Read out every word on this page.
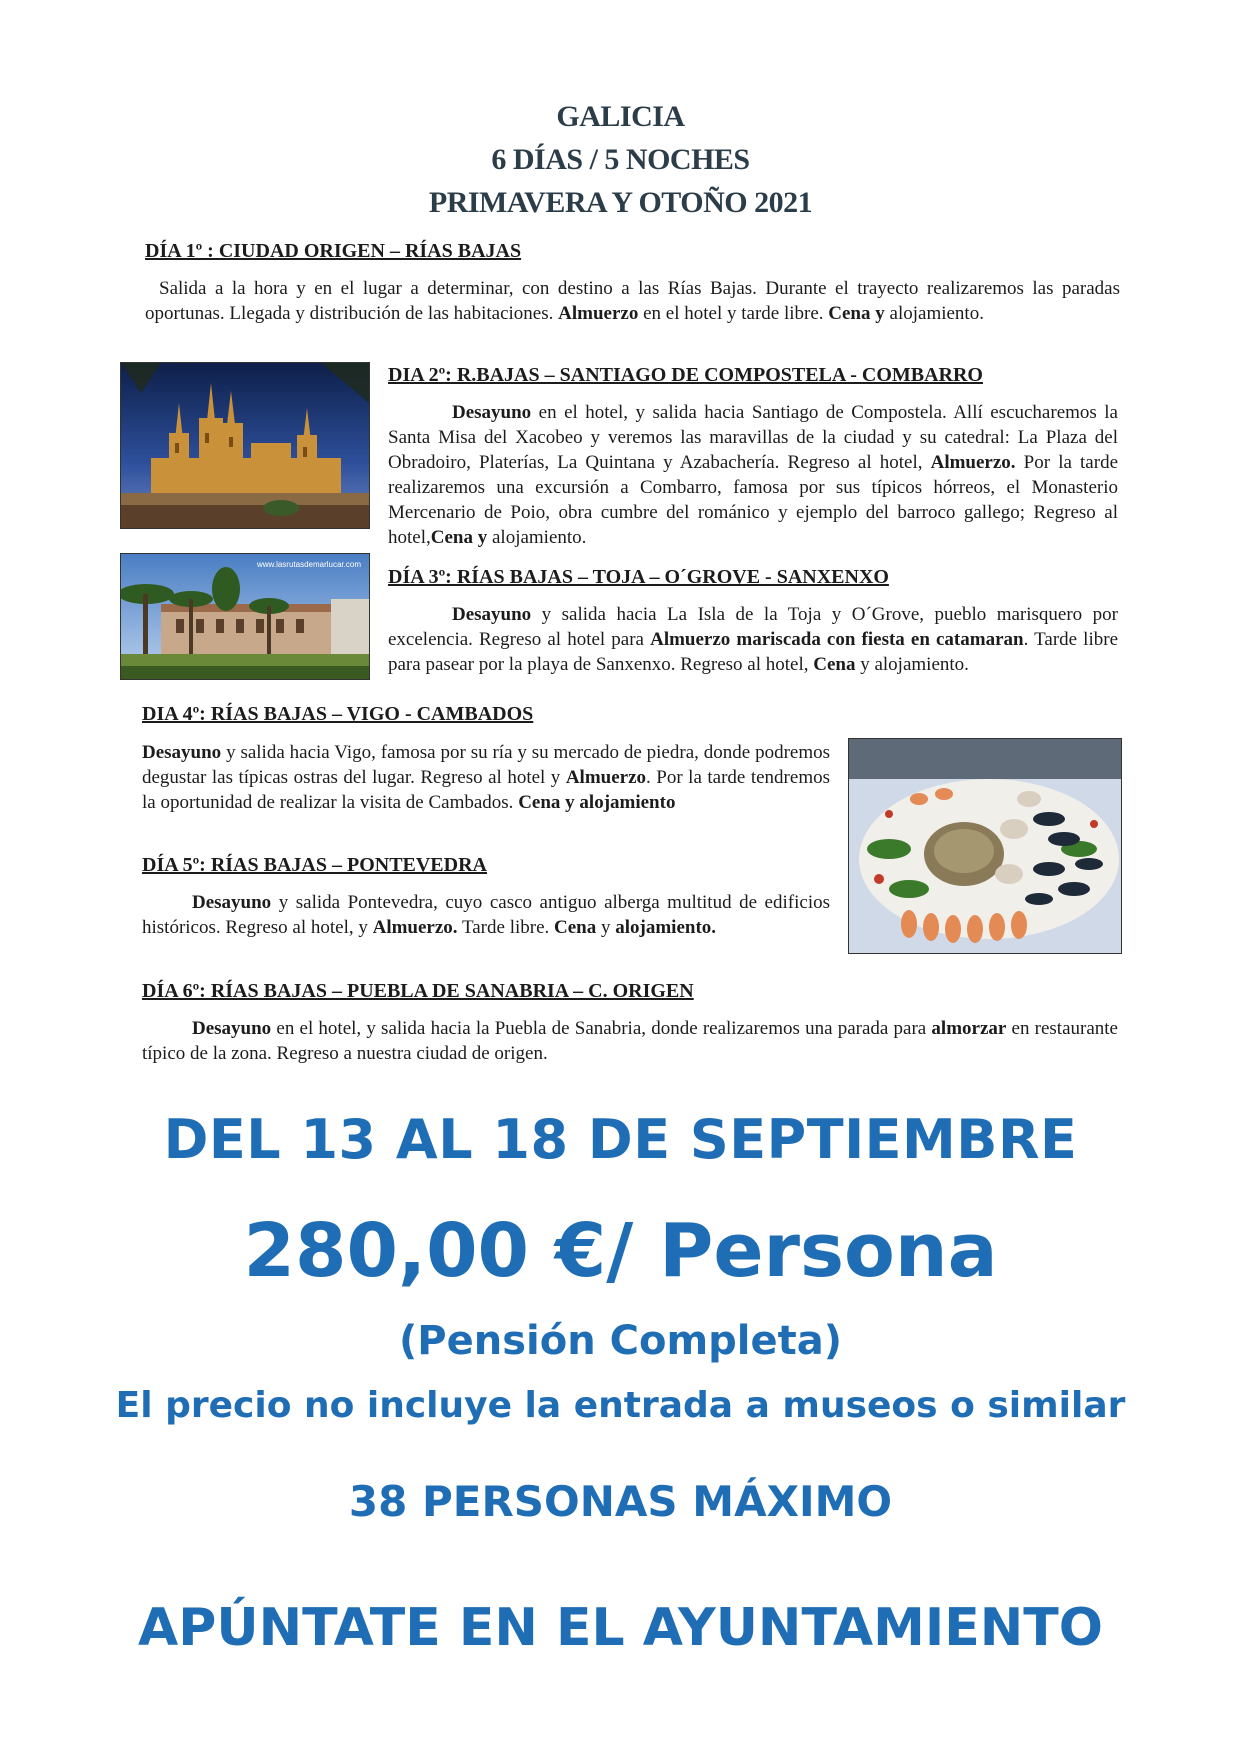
GALICIA
6 DÍAS / 5 NOCHES
PRIMAVERA Y OTOÑO 2021
DÍA 1º : CIUDAD ORIGEN – RÍAS BAJAS
Salida a la hora y en el lugar a determinar, con destino a las Rías Bajas. Durante el trayecto realizaremos las paradas oportunas. Llegada y distribución de las habitaciones. Almuerzo en el hotel y tarde libre. Cena y alojamiento.
DIA 2º: R.BAJAS – SANTIAGO DE COMPOSTELA - COMBARRO
Desayuno en el hotel, y salida hacia Santiago de Compostela. Allí escucharemos la Santa Misa del Xacobeo y veremos las maravillas de la ciudad y su catedral: La Plaza del Obradoiro, Platerías, La Quintana y Azabachería. Regreso al hotel, Almuerzo. Por la tarde realizaremos una excursión a Combarro, famosa por sus típicos hórreos, el Monasterio Mercenario de Poio, obra cumbre del románico y ejemplo del barroco gallego; Regreso al hotel,Cena y alojamiento.
www.lasrutasdemarlucar.com
DÍA 3º: RÍAS BAJAS – TOJA – O´GROVE - SANXENXO
Desayuno y salida hacia La Isla de la Toja y O´Grove, pueblo marisquero por excelencia. Regreso al hotel para Almuerzo mariscada con fiesta en catamaran. Tarde libre para pasear por la playa de Sanxenxo. Regreso al hotel, Cena y alojamiento.
DIA 4º: RÍAS BAJAS – VIGO - CAMBADOS
Desayuno y salida hacia Vigo, famosa por su ría y su mercado de piedra, donde podremos degustar las típicas ostras del lugar. Regreso al hotel y Almuerzo. Por la tarde tendremos la oportunidad de realizar la visita de Cambados. Cena y alojamiento
DÍA 5º: RÍAS BAJAS – PONTEVEDRA
Desayuno y salida Pontevedra, cuyo casco antiguo alberga multitud de edificios históricos. Regreso al hotel, y Almuerzo. Tarde libre. Cena y alojamiento.
DÍA 6º: RÍAS BAJAS – PUEBLA DE SANABRIA – C. ORIGEN
Desayuno en el hotel, y salida hacia la Puebla de Sanabria, donde realizaremos una parada para almorzar en restaurante típico de la zona. Regreso a nuestra ciudad de origen.
DEL 13 AL 18 DE SEPTIEMBRE
280,00 €/ Persona
(Pensión Completa)
El precio no incluye la entrada a museos o similar
38 PERSONAS MÁXIMO
APÚNTATE EN EL AYUNTAMIENTO
